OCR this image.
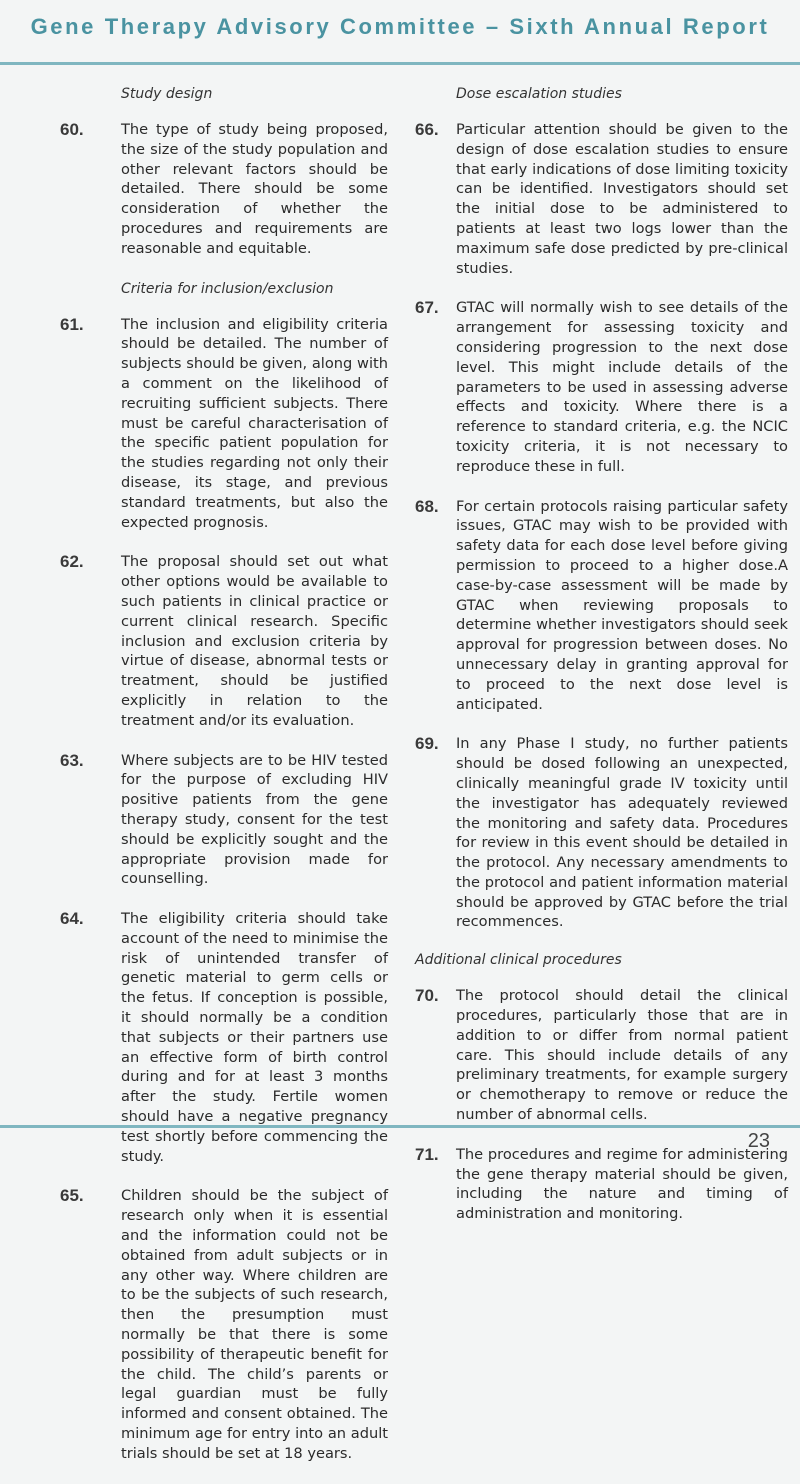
Gene Therapy Advisory Committee – Sixth Annual Report
Study design
60.	The type of study being proposed, the size of the study population and other relevant factors should be detailed. There should be some consideration of whether the procedures and requirements are reasonable and equitable.
Criteria for inclusion/exclusion
61.	The inclusion and eligibility criteria should be detailed. The number of subjects should be given, along with a comment on the likelihood of recruiting sufficient subjects. There must be careful characterisation of the specific patient population for the studies regarding not only their disease, its stage, and previous standard treatments, but also the expected prognosis.
62.	The proposal should set out what other options would be available to such patients in clinical practice or current clinical research. Specific inclusion and exclusion criteria by virtue of disease, abnormal tests or treatment, should be justified explicitly in relation to the treatment and/or its evaluation.
63.	Where subjects are to be HIV tested for the purpose of excluding HIV positive patients from the gene therapy study, consent for the test should be explicitly sought and the appropriate provision made for counselling.
64.	The eligibility criteria should take account of the need to minimise the risk of unintended transfer of genetic material to germ cells or the fetus. If conception is possible, it should normally be a condition that subjects or their partners use an effective form of birth control during and for at least 3 months after the study. Fertile women should have a negative pregnancy test shortly before commencing the study.
65.	Children should be the subject of research only when it is essential and the information could not be obtained from adult subjects or in any other way. Where children are to be the subjects of such research, then the presumption must normally be that there is some possibility of therapeutic benefit for the child. The child’s parents or legal guardian must be fully informed and consent obtained. The minimum age for entry into an adult trials should be set at 18 years.
Dose escalation studies
66. Particular attention should be given to the design of dose escalation studies to ensure that early indications of dose limiting toxicity can be identified. Investigators should set the initial dose to be administered to patients at least two logs lower than the maximum safe dose predicted by pre-clinical studies.
67. GTAC will normally wish to see details of the arrangement for assessing toxicity and considering progression to the next dose level. This might include details of the parameters to be used in assessing adverse effects and toxicity. Where there is a reference to standard criteria, e.g. the NCIC toxicity criteria, it is not necessary to reproduce these in full.
68. For certain protocols raising particular safety issues, GTAC may wish to be provided with safety data for each dose level before giving permission to proceed to a higher dose.A case-by-case assessment will be made by GTAC when reviewing proposals to determine whether investigators should seek approval for progression between doses. No unnecessary delay in granting approval for to proceed to the next dose level is anticipated.
69. In any Phase I study, no further patients should be dosed following an unexpected, clinically meaningful grade IV toxicity until the investigator has adequately reviewed the monitoring and safety data. Procedures for review in this event should be detailed in the protocol. Any necessary amendments to the protocol and patient information material should be approved by GTAC before the trial recommences.
Additional clinical procedures
70. The protocol should detail the clinical procedures, particularly those that are in addition to or differ from normal patient care. This should include details of any preliminary treatments, for example surgery or chemotherapy to remove or reduce the number of abnormal cells.
71. The procedures and regime for administering the gene therapy material should be given, including the nature and timing of administration and monitoring.
23
